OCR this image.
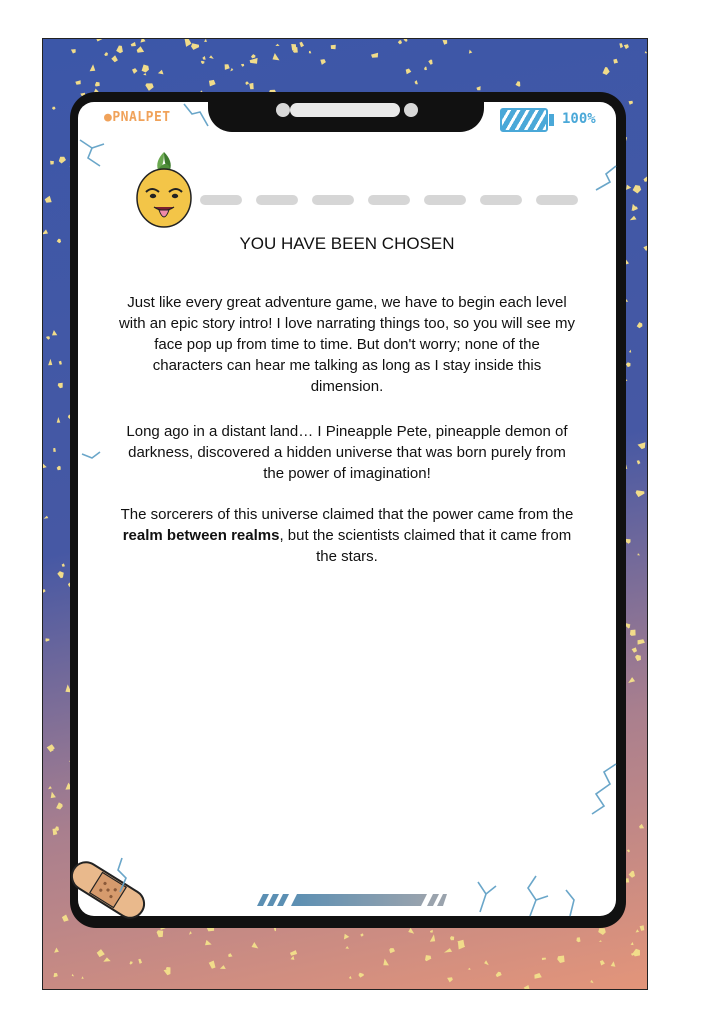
●PNALPET	100%
YOU HAVE BEEN CHOSEN
Just like every great adventure game, we have to begin each level with an epic story intro! I love narrating things too, so you will see my face pop up from time to time. But don't worry; none of the characters can hear me talking as long as I stay inside this dimension.
Long ago in a distant land… I Pineapple Pete, pineapple demon of darkness, discovered a hidden universe that was born purely from the power of imagination!
The sorcerers of this universe claimed that the power came from the realm between realms, but the scientists claimed that it came from the stars.
